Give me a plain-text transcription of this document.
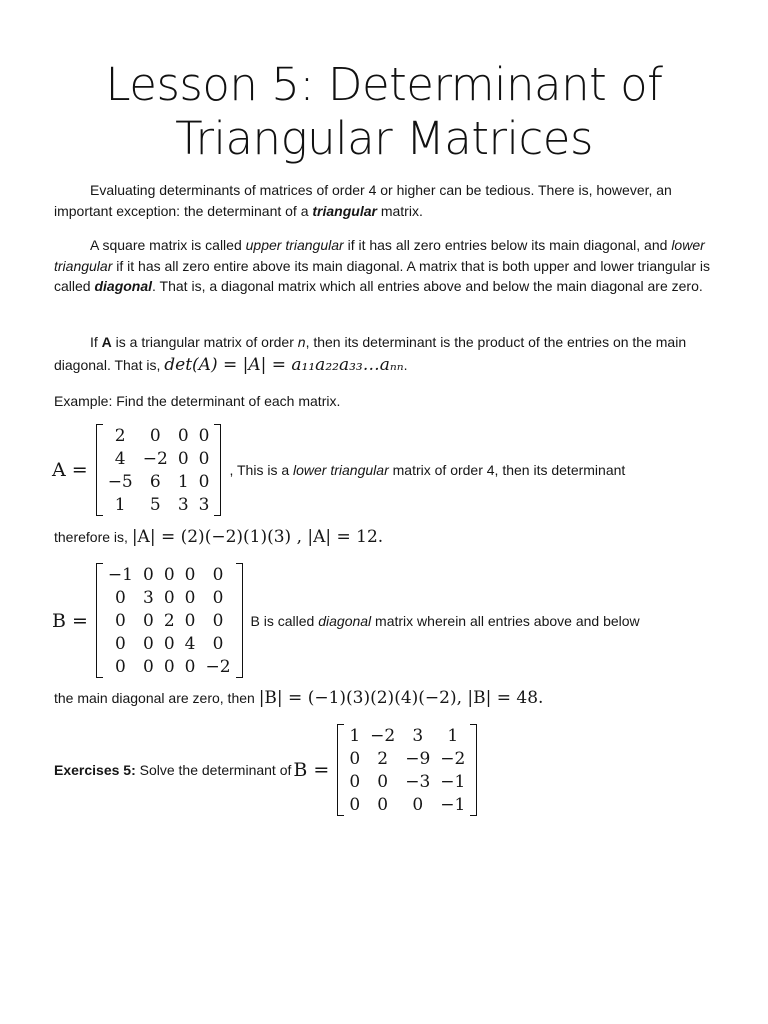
Lesson 5: Determinant of
Triangular Matrices

Evaluating determinants of matrices of order 4 or higher can be tedious. There is, however, an important exception: the determinant of a triangular matrix.

A square matrix is called upper triangular if it has all zero entries below its main diagonal, and lower triangular if it has all zero entire above its main diagonal. A matrix that is both upper and lower triangular is called diagonal. That is, a diagonal matrix which all entries above and below the main diagonal are zero.

If A is a triangular matrix of order n, then its determinant is the product of the entries on the main diagonal. That is, det(A) = |A| = a₁₁a₂₂a₃₃…aₙₙ.

Example: Find the determinant of each matrix.
A =
2	0	0	0
4	−2	0	0
−5	6	1	0
1	5	3	3
, This is a lower triangular matrix of order 4, then its determinant
therefore is, |A| = (2)(−2)(1)(3) , |A| = 12.
B =
−1	0	0	0	0
0	3	0	0	0
0	0	2	0	0
0	0	0	4	0
0	0	0	0	−2
B is called diagonal matrix wherein all entries above and below
the main diagonal are zero, then |B| = (−1)(3)(2)(4)(−2), |B| = 48.
Exercises 5: Solve the determinant of B =
1	−2	3	1
0	2	−9	−2
0	0	−3	−1
0	0	0	−1
